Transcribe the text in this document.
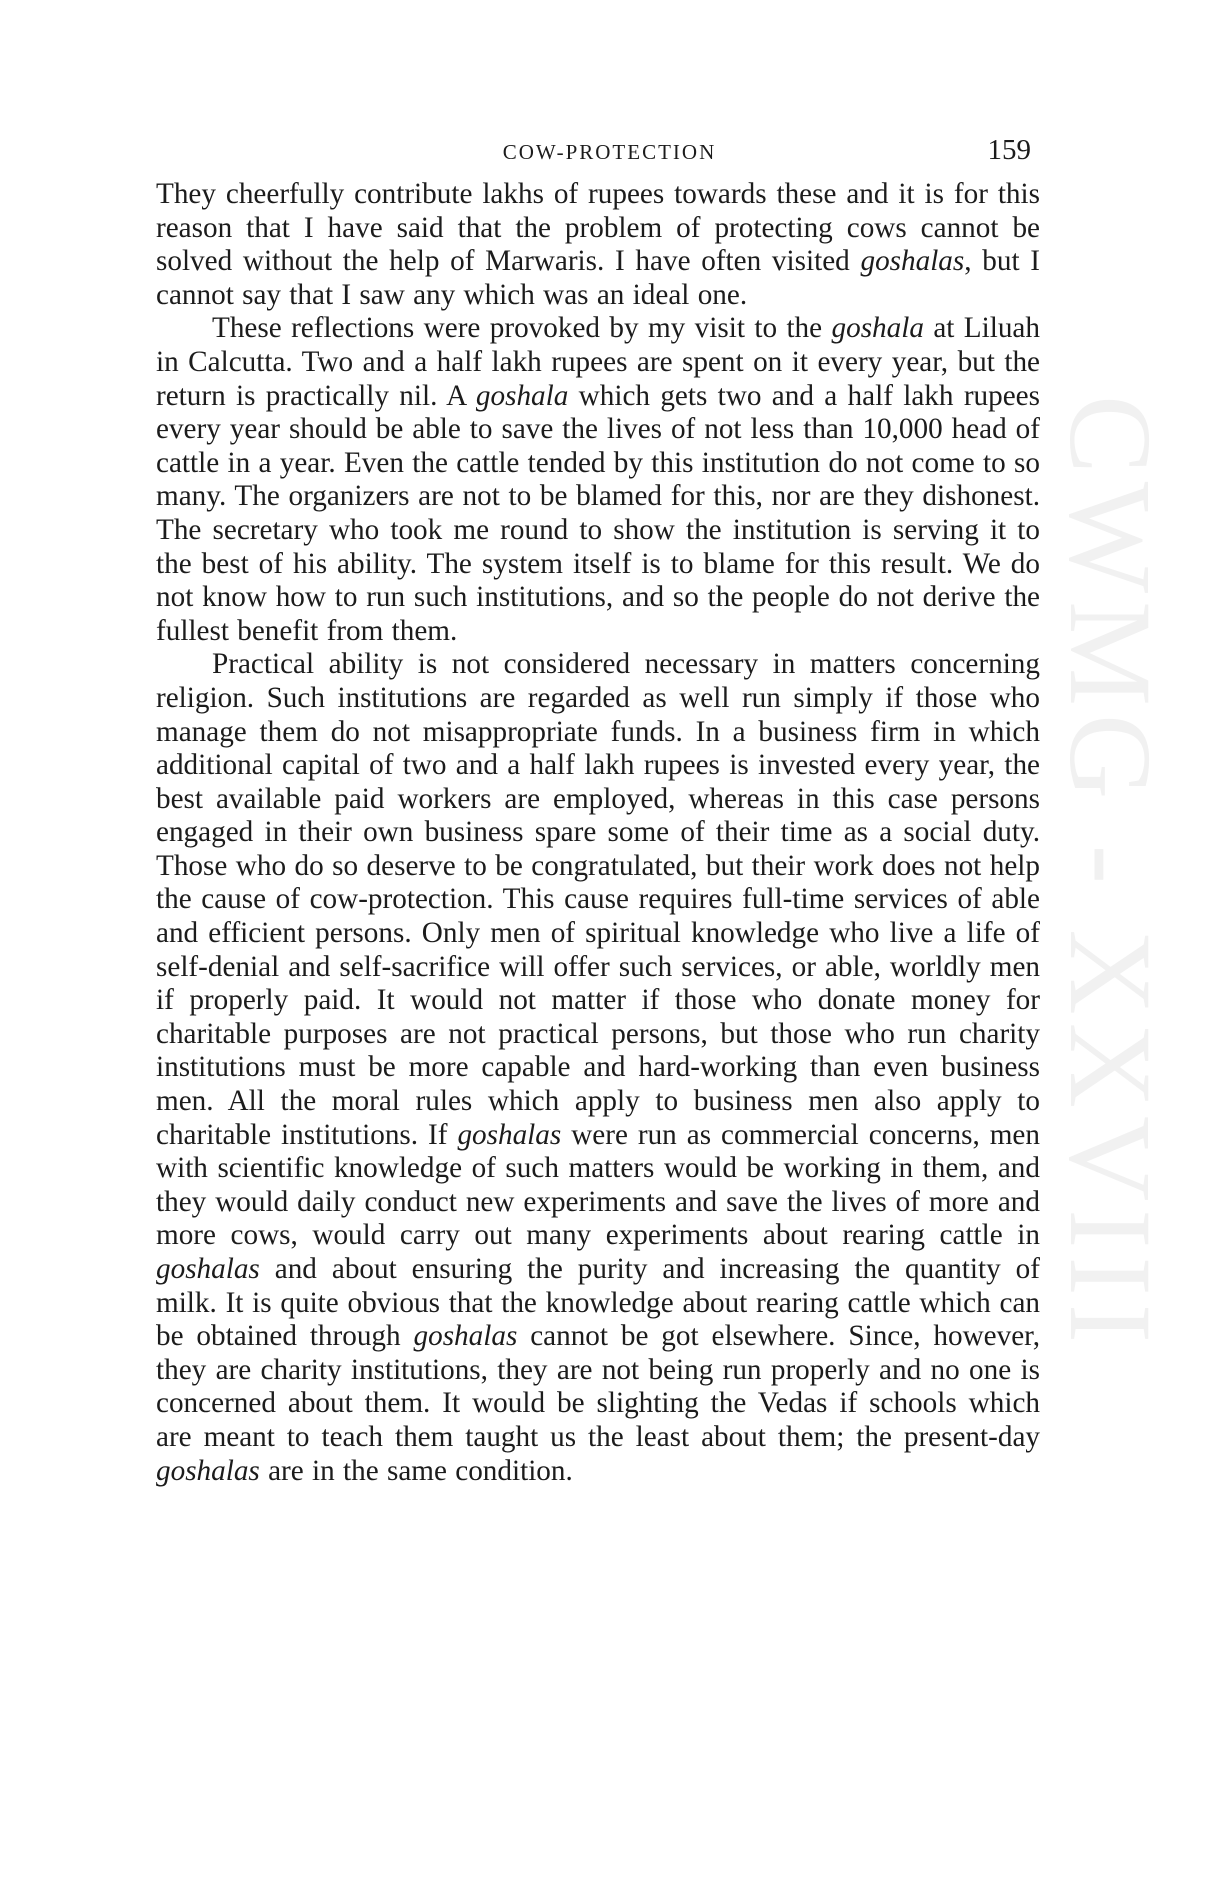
CWMG - XXVIII
COW-PROTECTION	159

They cheerfully contribute lakhs of rupees towards these and it is for this reason that I have said that the problem of protecting cows cannot be solved without the help of Marwaris. I have often visited goshalas, but I cannot say that I saw any which was an ideal one.

These reflections were provoked by my visit to the goshala at Liluah in Calcutta. Two and a half lakh rupees are spent on it every year, but the return is practically nil. A goshala which gets two and a half lakh rupees every year should be able to save the lives of not less than 10,000 head of cattle in a year. Even the cattle tended by this institution do not come to so many. The organizers are not to be blamed for this, nor are they dishonest. The secretary who took me round to show the institution is serving it to the best of his ability. The system itself is to blame for this result. We do not know how to run such institutions, and so the people do not derive the fullest benefit from them.

Practical ability is not considered necessary in matters concerning religion. Such institutions are regarded as well run simply if those who manage them do not misappropriate funds. In a business firm in which additional capital of two and a half lakh rupees is invested every year, the best available paid workers are employed, whereas in this case persons engaged in their own business spare some of their time as a social duty. Those who do so deserve to be congratulated, but their work does not help the cause of cow-protection. This cause requires full-time services of able and efficient persons. Only men of spiritual knowledge who live a life of self-denial and self-sacrifice will offer such services, or able, worldly men if properly paid. It would not matter if those who donate money for charitable purposes are not practical persons, but those who run charity institutions must be more capable and hard-working than even business men. All the moral rules which apply to business men also apply to charitable institutions. If goshalas were run as commercial concerns, men with scientific knowledge of such matters would be working in them, and they would daily conduct new experiments and save the lives of more and more cows, would carry out many experiments about rearing cattle in goshalas and about ensuring the purity and increasing the quantity of milk. It is quite obvious that the knowledge about rearing cattle which can be obtained through goshalas cannot be got elsewhere. Since, however, they are charity institutions, they are not being run properly and no one is concerned about them. It would be slighting the Vedas if schools which are meant to teach them taught us the least about them; the present-day goshalas are in the same condition.
